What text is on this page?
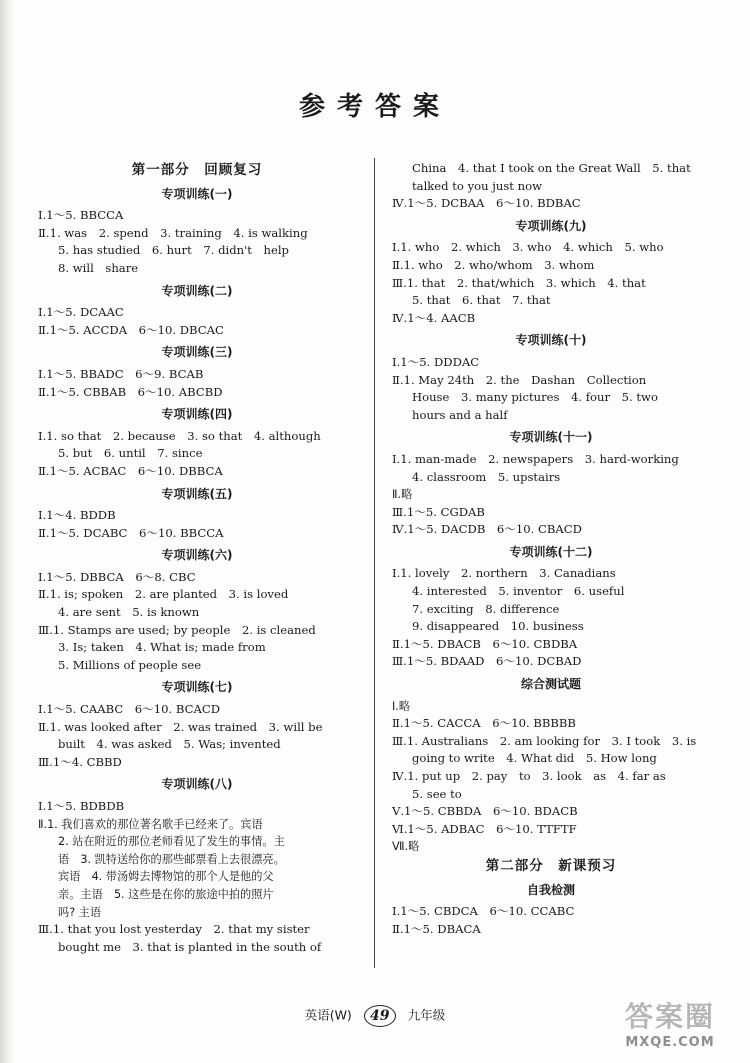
参考答案
第一部分　回顾复习
专项训练(一)
Ⅰ.1～5. BBCCA
Ⅱ.1. was　2. spend　3. training　4. is walking
5. has studied　6. hurt　7. didn't　help
8. will　share
专项训练(二)
Ⅰ.1～5. DCAAC
Ⅱ.1～5. ACCDA　6～10. DBCAC
专项训练(三)
Ⅰ.1～5. BBADC　6～9. BCAB
Ⅱ.1～5. CBBAB　6～10. ABCBD
专项训练(四)
Ⅰ.1. so that　2. because　3. so that　4. although
5. but　6. until　7. since
Ⅱ.1～5. ACBAC　6～10. DBBCA
专项训练(五)
Ⅰ.1～4. BDDB
Ⅱ.1～5. DCABC　6～10. BBCCA
专项训练(六)
Ⅰ.1～5. DBBCA　6～8. CBC
Ⅱ.1. is; spoken　2. are planted　3. is loved
4. are sent　5. is known
Ⅲ.1. Stamps are used; by people　2. is cleaned
3. Is; taken　4. What is; made from
5. Millions of people see
专项训练(七)
Ⅰ.1～5. CAABC　6～10. BCACD
Ⅱ.1. was looked after　2. was trained　3. will be
built　4. was asked　5. Was; invented
Ⅲ.1～4. CBBD
专项训练(八)
Ⅰ.1～5. BDBDB
Ⅱ.1. 我们喜欢的那位著名歌手已经来了。宾语
2. 站在附近的那位老师看见了发生的事情。主
语　3. 凯特送给你的那些邮票看上去很漂亮。
宾语　4. 带汤姆去博物馆的那个人是他的父
亲。主语　5. 这些是在你的旅途中拍的照片
吗? 主语
Ⅲ.1. that you lost yesterday　2. that my sister
bought me　3. that is planted in the south of
China　4. that I took on the Great Wall　5. that
talked to you just now
Ⅳ.1～5. DCBAA　6～10. BDBAC
专项训练(九)
Ⅰ.1. who　2. which　3. who　4. which　5. who
Ⅱ.1. who　2. who/whom　3. whom
Ⅲ.1. that　2. that/which　3. which　4. that
5. that　6. that　7. that
Ⅳ.1～4. AACB
专项训练(十)
Ⅰ.1～5. DDDAC
Ⅱ.1. May 24th　2. the　Dashan　Collection
House　3. many pictures　4. four　5. two
hours and a half
专项训练(十一)
Ⅰ.1. man-made　2. newspapers　3. hard-working
4. classroom　5. upstairs
Ⅱ.略
Ⅲ.1～5. CGDAB
Ⅳ.1～5. DACDB　6～10. CBACD
专项训练(十二)
Ⅰ.1. lovely　2. northern　3. Canadians
4. interested　5. inventor　6. useful
7. exciting　8. difference
9. disappeared　10. business
Ⅱ.1～5. DBACB　6～10. CBDBA
Ⅲ.1～5. BDAAD　6～10. DCBAD
综合测试题
Ⅰ.略
Ⅱ.1～5. CACCA　6～10. BBBBB
Ⅲ.1. Australians　2. am looking for　3. I took　3. is
going to write　4. What did　5. How long
Ⅳ.1. put up　2. pay　to　3. look　as　4. far as
5. see to
Ⅴ.1～5. CBBDA　6～10. BDACB
Ⅵ.1～5. ADBAC　6～10. TTFTF
Ⅶ.略
第二部分　新课预习
自我检测
Ⅰ.1～5. CBDCA　6～10. CCABC
Ⅱ.1～5. DBACA
英语(W) 49 九年级	答案圈
MXQE.COM
